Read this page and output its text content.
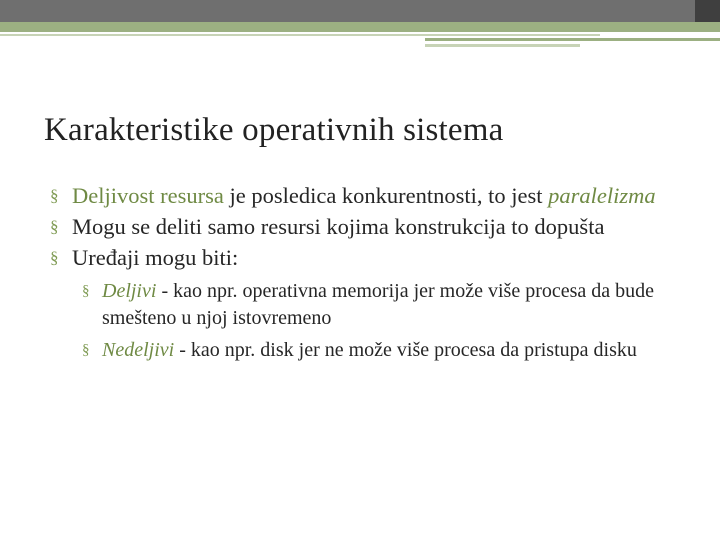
Karakteristike operativnih sistema
§ Deljivost resursa je posledica konkurentnosti, to jest paralelizma
§ Mogu se deliti samo resursi kojima konstrukcija to dopušta
§ Uređaji mogu biti:
§ Deljivi - kao npr. operativna memorija jer može više procesa da bude smešteno u njoj istovremeno
§ Nedeljivi - kao npr. disk jer ne može više procesa da pristupa disku
